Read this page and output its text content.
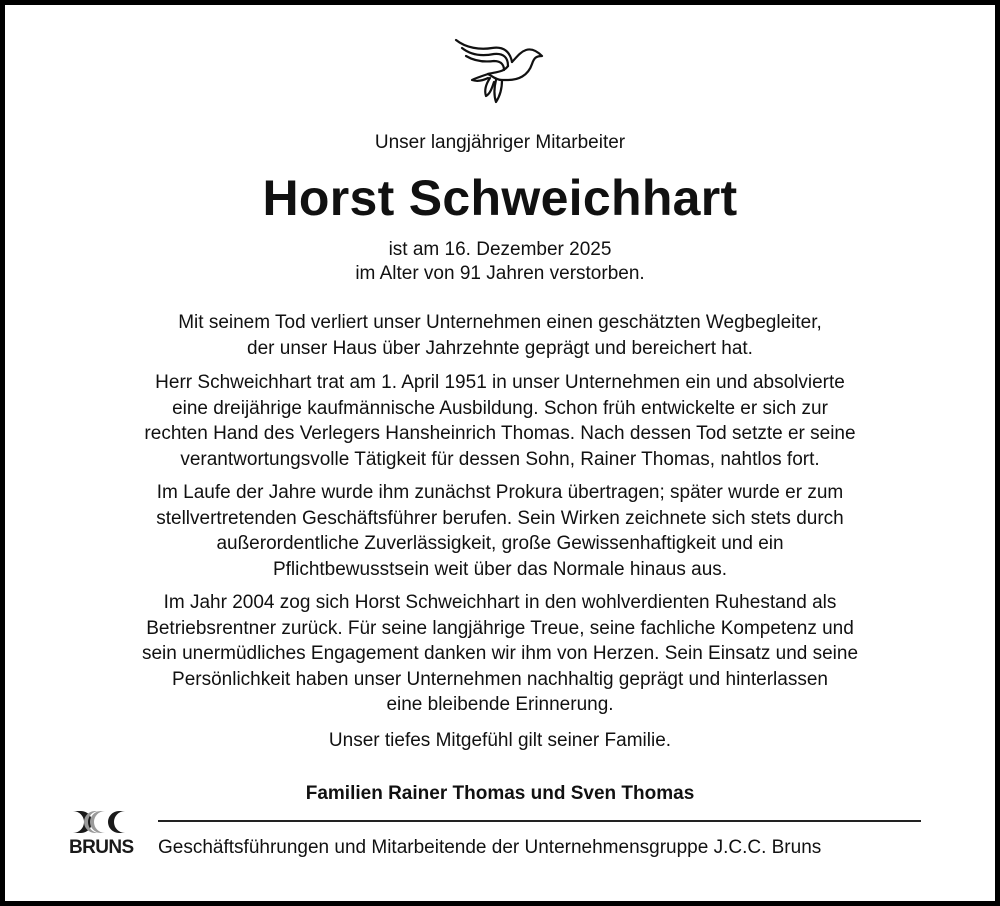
Unser langjähriger Mitarbeiter
Horst Schweichhart
ist am 16. Dezember 2025
im Alter von 91 Jahren verstorben.
Mit seinem Tod verliert unser Unternehmen einen geschätzten Wegbegleiter,
der unser Haus über Jahrzehnte geprägt und bereichert hat.
Herr Schweichhart trat am 1. April 1951 in unser Unternehmen ein und absolvierte
eine dreijährige kaufmännische Ausbildung. Schon früh entwickelte er sich zur
rechten Hand des Verlegers Hansheinrich Thomas. Nach dessen Tod setzte er seine
verantwortungsvolle Tätigkeit für dessen Sohn, Rainer Thomas, nahtlos fort.
Im Laufe der Jahre wurde ihm zunächst Prokura übertragen; später wurde er zum
stellvertretenden Geschäftsführer berufen. Sein Wirken zeichnete sich stets durch
außerordentliche Zuverlässigkeit, große Gewissenhaftigkeit und ein
Pflichtbewusstsein weit über das Normale hinaus aus.
Im Jahr 2004 zog sich Horst Schweichhart in den wohlverdienten Ruhestand als
Betriebsrentner zurück. Für seine langjährige Treue, seine fachliche Kompetenz und
sein unermüdliches Engagement danken wir ihm von Herzen. Sein Einsatz und seine
Persönlichkeit haben unser Unternehmen nachhaltig geprägt und hinterlassen
eine bleibende Erinnerung.
Unser tiefes Mitgefühl gilt seiner Familie.
Familien Rainer Thomas und Sven Thomas
BRUNS Geschäftsführungen und Mitarbeitende der Unternehmensgruppe J.C.C. Bruns
